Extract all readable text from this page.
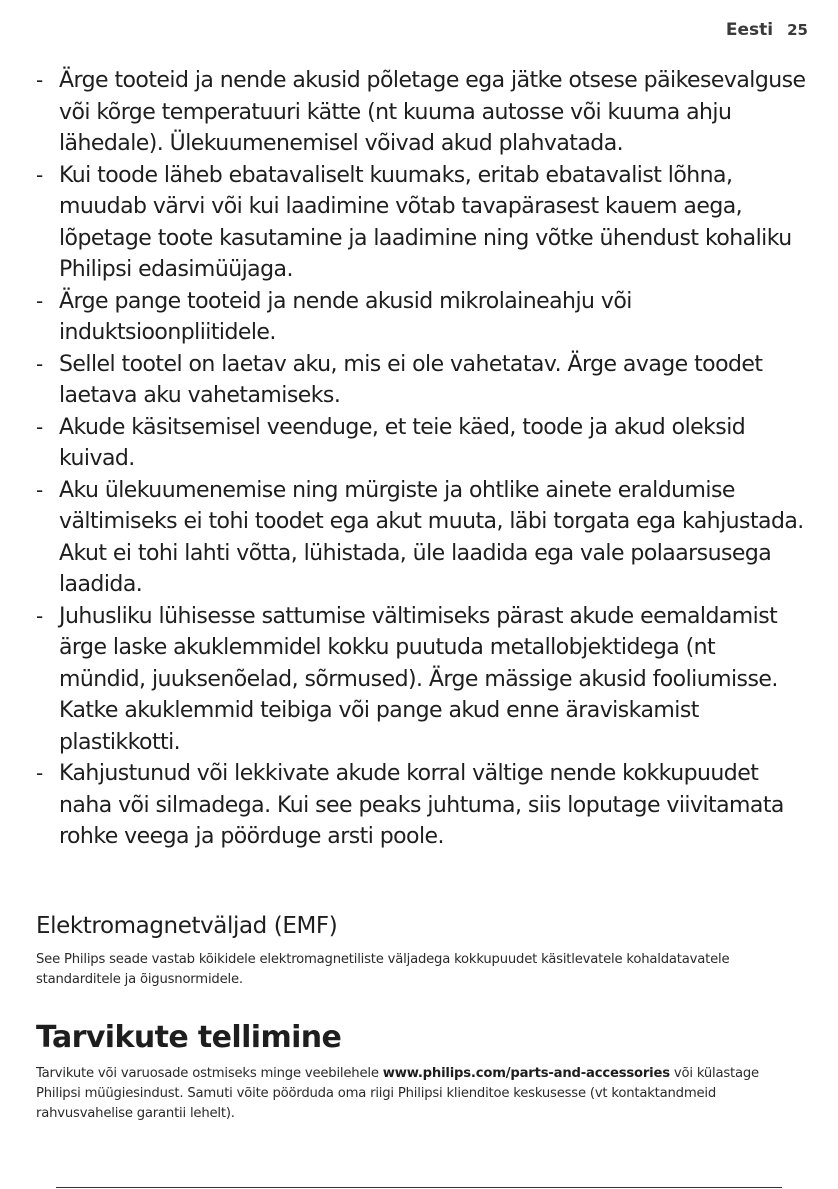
Eesti 25
- Ärge tooteid ja nende akusid põletage ega jätke otsese päikesevalguse või kõrge temperatuuri kätte (nt kuuma autosse või kuuma ahju lähedale). Ülekuumenemisel võivad akud plahvatada.
- Kui toode läheb ebatavaliselt kuumaks, eritab ebatavalist lõhna, muudab värvi või kui laadimine võtab tavapärasest kauem aega, lõpetage toote kasutamine ja laadimine ning võtke ühendust kohaliku Philipsi edasimüüjaga.
- Ärge pange tooteid ja nende akusid mikrolaineahju või induktsioonpliitidele.
- Sellel tootel on laetav aku, mis ei ole vahetatav. Ärge avage toodet laetava aku vahetamiseks.
- Akude käsitsemisel veenduge, et teie käed, toode ja akud oleksid kuivad.
- Aku ülekuumenemise ning mürgiste ja ohtlike ainete eraldumise vältimiseks ei tohi toodet ega akut muuta, läbi torgata ega kahjustada. Akut ei tohi lahti võtta, lühistada, üle laadida ega vale polaarsusega laadida.
- Juhusliku lühisesse sattumise vältimiseks pärast akude eemaldamist ärge laske akuklemmidel kokku puutuda metallobjektidega (nt mündid, juuksenõelad, sõrmused). Ärge mässige akusid fooliumisse. Katke akuklemmid teibiga või pange akud enne äraviskamist plastikkotti.
- Kahjustunud või lekkivate akude korral vältige nende kokkupuudet naha või silmadega. Kui see peaks juhtuma, siis loputage viivitamata rohke veega ja pöörduge arsti poole.
Elektromagnetväljad (EMF)

See Philips seade vastab kõikidele elektromagnetiliste väljadega kokkupuudet käsitlevatele kohaldatavatele standarditele ja õigusnormidele.

Tarvikute tellimine

Tarvikute või varuosade ostmiseks minge veebilehele www.philips.com/parts-and-accessories või külastage Philipsi müügiesindust. Samuti võite pöörduda oma riigi Philipsi klienditoe keskusesse (vt kontaktandmeid rahvusvahelise garantii lehelt).
